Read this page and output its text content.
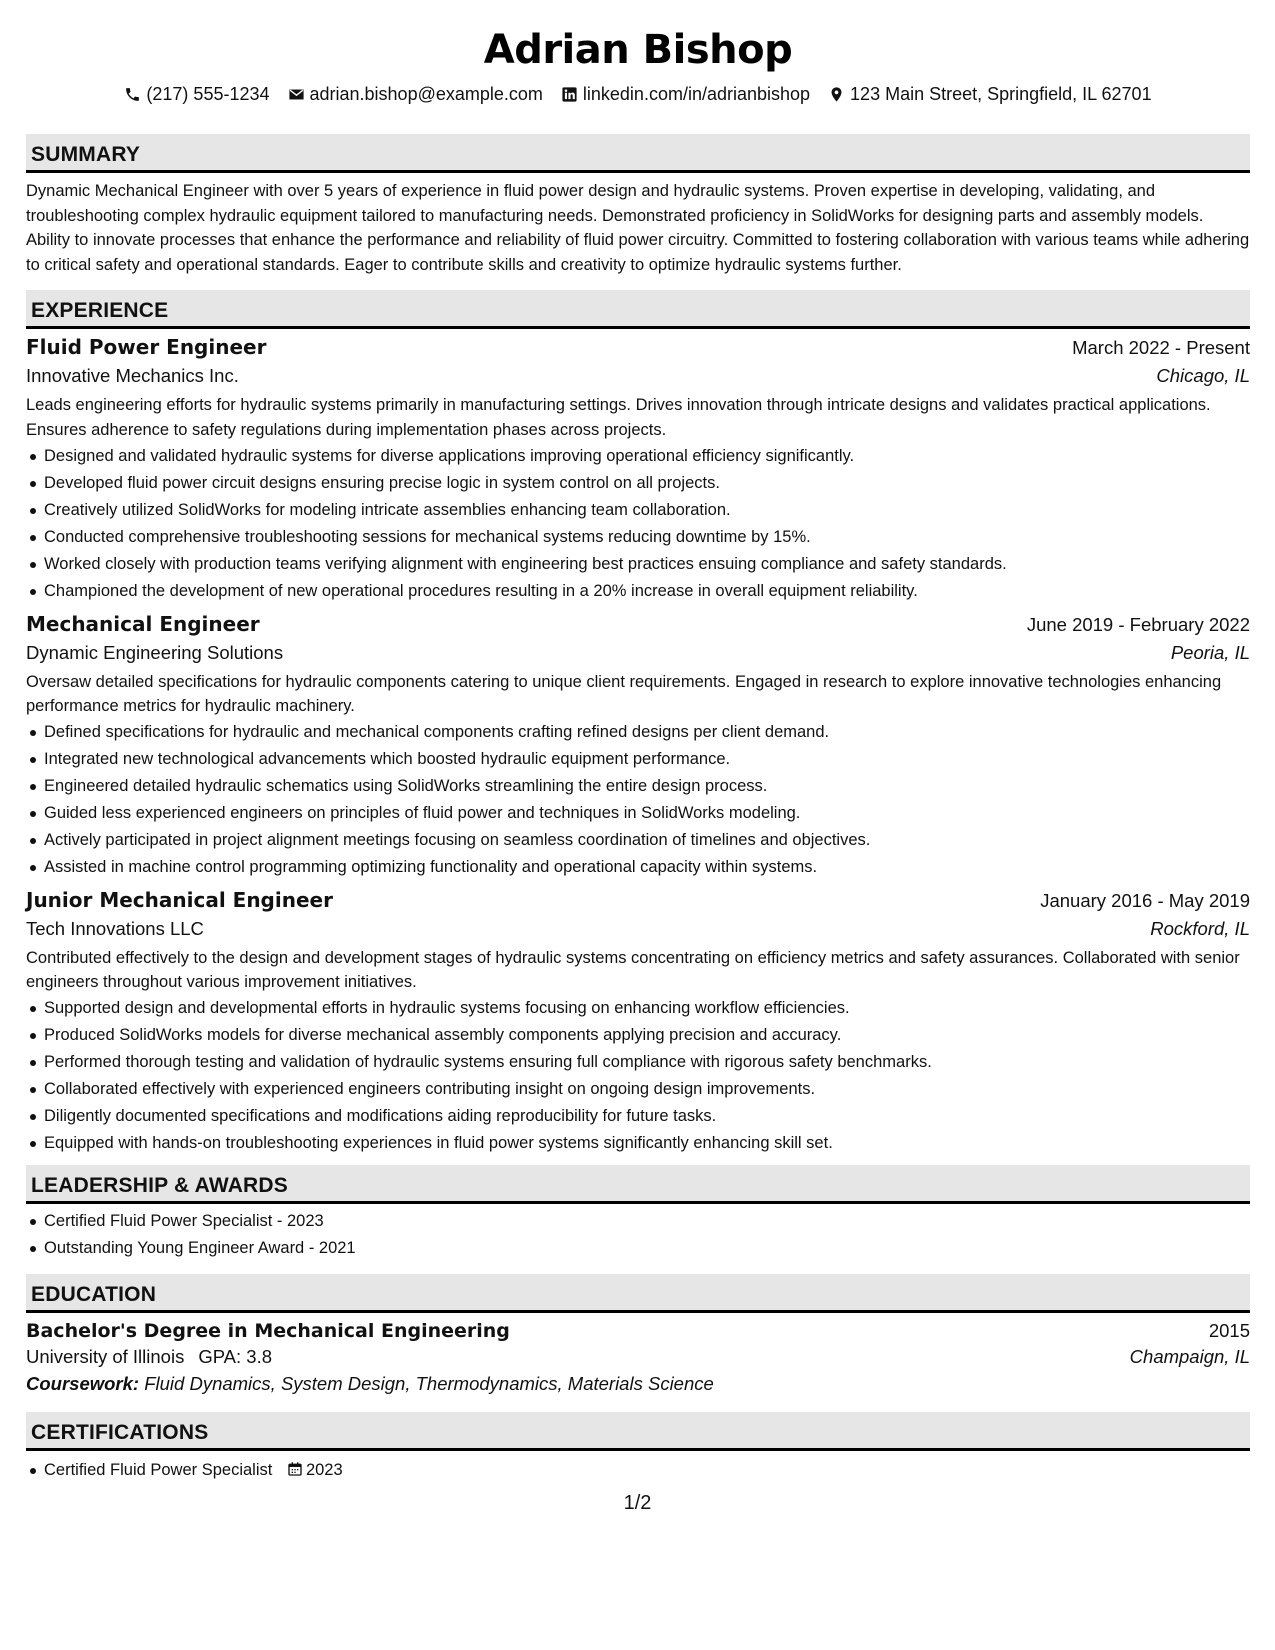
Adrian Bishop
(217) 555-1234 adrian.bishop@example.com linkedin.com/in/adrianbishop 123 Main Street, Springfield, IL 62701
SUMMARY

Dynamic Mechanical Engineer with over 5 years of experience in fluid power design and hydraulic systems. Proven expertise in developing, validating, and troubleshooting complex hydraulic equipment tailored to manufacturing needs. Demonstrated proficiency in SolidWorks for designing parts and assembly models. Ability to innovate processes that enhance the performance and reliability of fluid power circuitry. Committed to fostering collaboration with various teams while adhering to critical safety and operational standards. Eager to contribute skills and creativity to optimize hydraulic systems further.

EXPERIENCE
Fluid Power Engineer	March 2022 - Present
Innovative Mechanics Inc.	Chicago, IL

Leads engineering efforts for hydraulic systems primarily in manufacturing settings. Drives innovation through intricate designs and validates practical applications. Ensures adherence to safety regulations during implementation phases across projects.

Designed and validated hydraulic systems for diverse applications improving operational efficiency significantly.
Developed fluid power circuit designs ensuring precise logic in system control on all projects.
Creatively utilized SolidWorks for modeling intricate assemblies enhancing team collaboration.
Conducted comprehensive troubleshooting sessions for mechanical systems reducing downtime by 15%.
Worked closely with production teams verifying alignment with engineering best practices ensuing compliance and safety standards.
Championed the development of new operational procedures resulting in a 20% increase in overall equipment reliability.
Mechanical Engineer	June 2019 - February 2022
Dynamic Engineering Solutions	Peoria, IL

Oversaw detailed specifications for hydraulic components catering to unique client requirements. Engaged in research to explore innovative technologies enhancing performance metrics for hydraulic machinery.

Defined specifications for hydraulic and mechanical components crafting refined designs per client demand.
Integrated new technological advancements which boosted hydraulic equipment performance.
Engineered detailed hydraulic schematics using SolidWorks streamlining the entire design process.
Guided less experienced engineers on principles of fluid power and techniques in SolidWorks modeling.
Actively participated in project alignment meetings focusing on seamless coordination of timelines and objectives.
Assisted in machine control programming optimizing functionality and operational capacity within systems.
Junior Mechanical Engineer	January 2016 - May 2019
Tech Innovations LLC	Rockford, IL

Contributed effectively to the design and development stages of hydraulic systems concentrating on efficiency metrics and safety assurances. Collaborated with senior engineers throughout various improvement initiatives.

Supported design and developmental efforts in hydraulic systems focusing on enhancing workflow efficiencies.
Produced SolidWorks models for diverse mechanical assembly components applying precision and accuracy.
Performed thorough testing and validation of hydraulic systems ensuring full compliance with rigorous safety benchmarks.
Collaborated effectively with experienced engineers contributing insight on ongoing design improvements.
Diligently documented specifications and modifications aiding reproducibility for future tasks.
Equipped with hands-on troubleshooting experiences in fluid power systems significantly enhancing skill set.
LEADERSHIP & AWARDS
Certified Fluid Power Specialist - 2023
Outstanding Young Engineer Award - 2021
EDUCATION
Bachelor's Degree in Mechanical Engineering	2015
University of Illinois GPA: 3.8	Champaign, IL
Coursework: Fluid Dynamics, System Design, Thermodynamics, Materials Science
CERTIFICATIONS
Certified Fluid Power Specialist 2023
1/2
